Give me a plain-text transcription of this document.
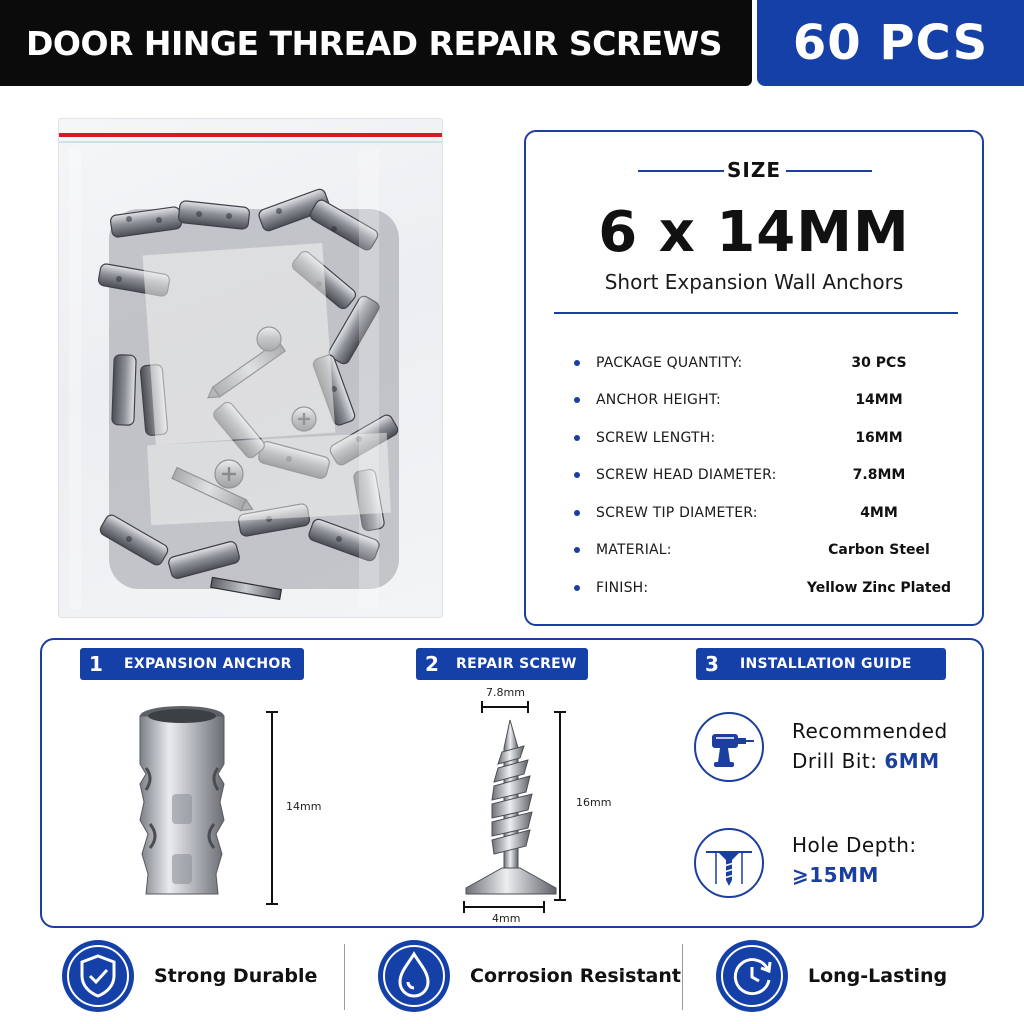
DOOR HINGE THREAD REPAIR SCREWS 60 PCS
SIZE
6 x 14MM
Short Expansion Wall Anchors
PACKAGE QUANTITY:	30 PCS
ANCHOR HEIGHT:	14MM
SCREW LENGTH:	16MM
SCREW HEAD DIAMETER:	7.8MM
SCREW TIP DIAMETER:	4MM
MATERIAL:	Carbon Steel
FINISH:	Yellow Zinc Plated
1	EXPANSION ANCHOR	2	REPAIR SCREW	3	INSTALLATION GUIDE
14mm
7.8mm
16mm
4mm
Recommended
Drill Bit: 6MM
Hole Depth:
⩾15MM
Strong Durable	Corrosion Resistant	Long-Lasting
